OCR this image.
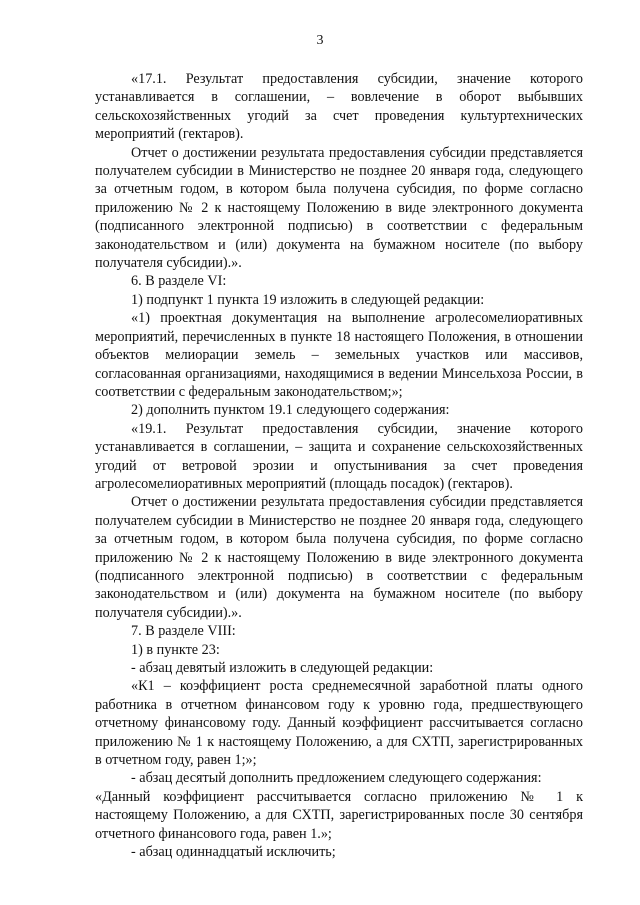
3

«17.1. Результат предоставления субсидии, значение которого устанавливается в соглашении, – вовлечение в оборот выбывших сельскохозяйственных угодий за счет проведения культуртехнических мероприятий (гектаров).

Отчет о достижении результата предоставления субсидии представляется получателем субсидии в Министерство не позднее 20 января года, следующего за отчетным годом, в котором была получена субсидия, по форме согласно приложению № 2 к настоящему Положению в виде электронного документа (подписанного электронной подписью) в соответствии с федеральным законодательством и (или) документа на бумажном носителе (по выбору получателя субсидии).».

6. В разделе VI:

1) подпункт 1 пункта 19 изложить в следующей редакции:

«1) проектная документация на выполнение агролесомелиоративных мероприятий, перечисленных в пункте 18 настоящего Положения, в отношении объектов мелиорации земель – земельных участков или массивов, согласованная организациями, находящимися в ведении Минсельхоза России, в соответствии с федеральным законодательством;»;

2) дополнить пунктом 19.1 следующего содержания:

«19.1. Результат предоставления субсидии, значение которого устанавливается в соглашении, – защита и сохранение сельскохозяйственных угодий от ветровой эрозии и опустынивания за счет проведения агролесомелиоративных мероприятий (площадь посадок) (гектаров).

Отчет о достижении результата предоставления субсидии представляется получателем субсидии в Министерство не позднее 20 января года, следующего за отчетным годом, в котором была получена субсидия, по форме согласно приложению № 2 к настоящему Положению в виде электронного документа (подписанного электронной подписью) в соответствии с федеральным законодательством и (или) документа на бумажном носителе (по выбору получателя субсидии).».

7. В разделе VIII:

1) в пункте 23:

- абзац девятый изложить в следующей редакции:

«К1 – коэффициент роста среднемесячной заработной платы одного работника в отчетном финансовом году к уровню года, предшествующего отчетному финансовому году. Данный коэффициент рассчитывается согласно приложению № 1 к настоящему Положению, а для СХТП, зарегистрированных в отчетном году, равен 1;»;

- абзац десятый дополнить предложением следующего содержания:

«Данный коэффициент рассчитывается согласно приложению № 1 к настоящему Положению, а для СХТП, зарегистрированных после 30 сентября отчетного финансового года, равен 1.»;

- абзац одиннадцатый исключить;
